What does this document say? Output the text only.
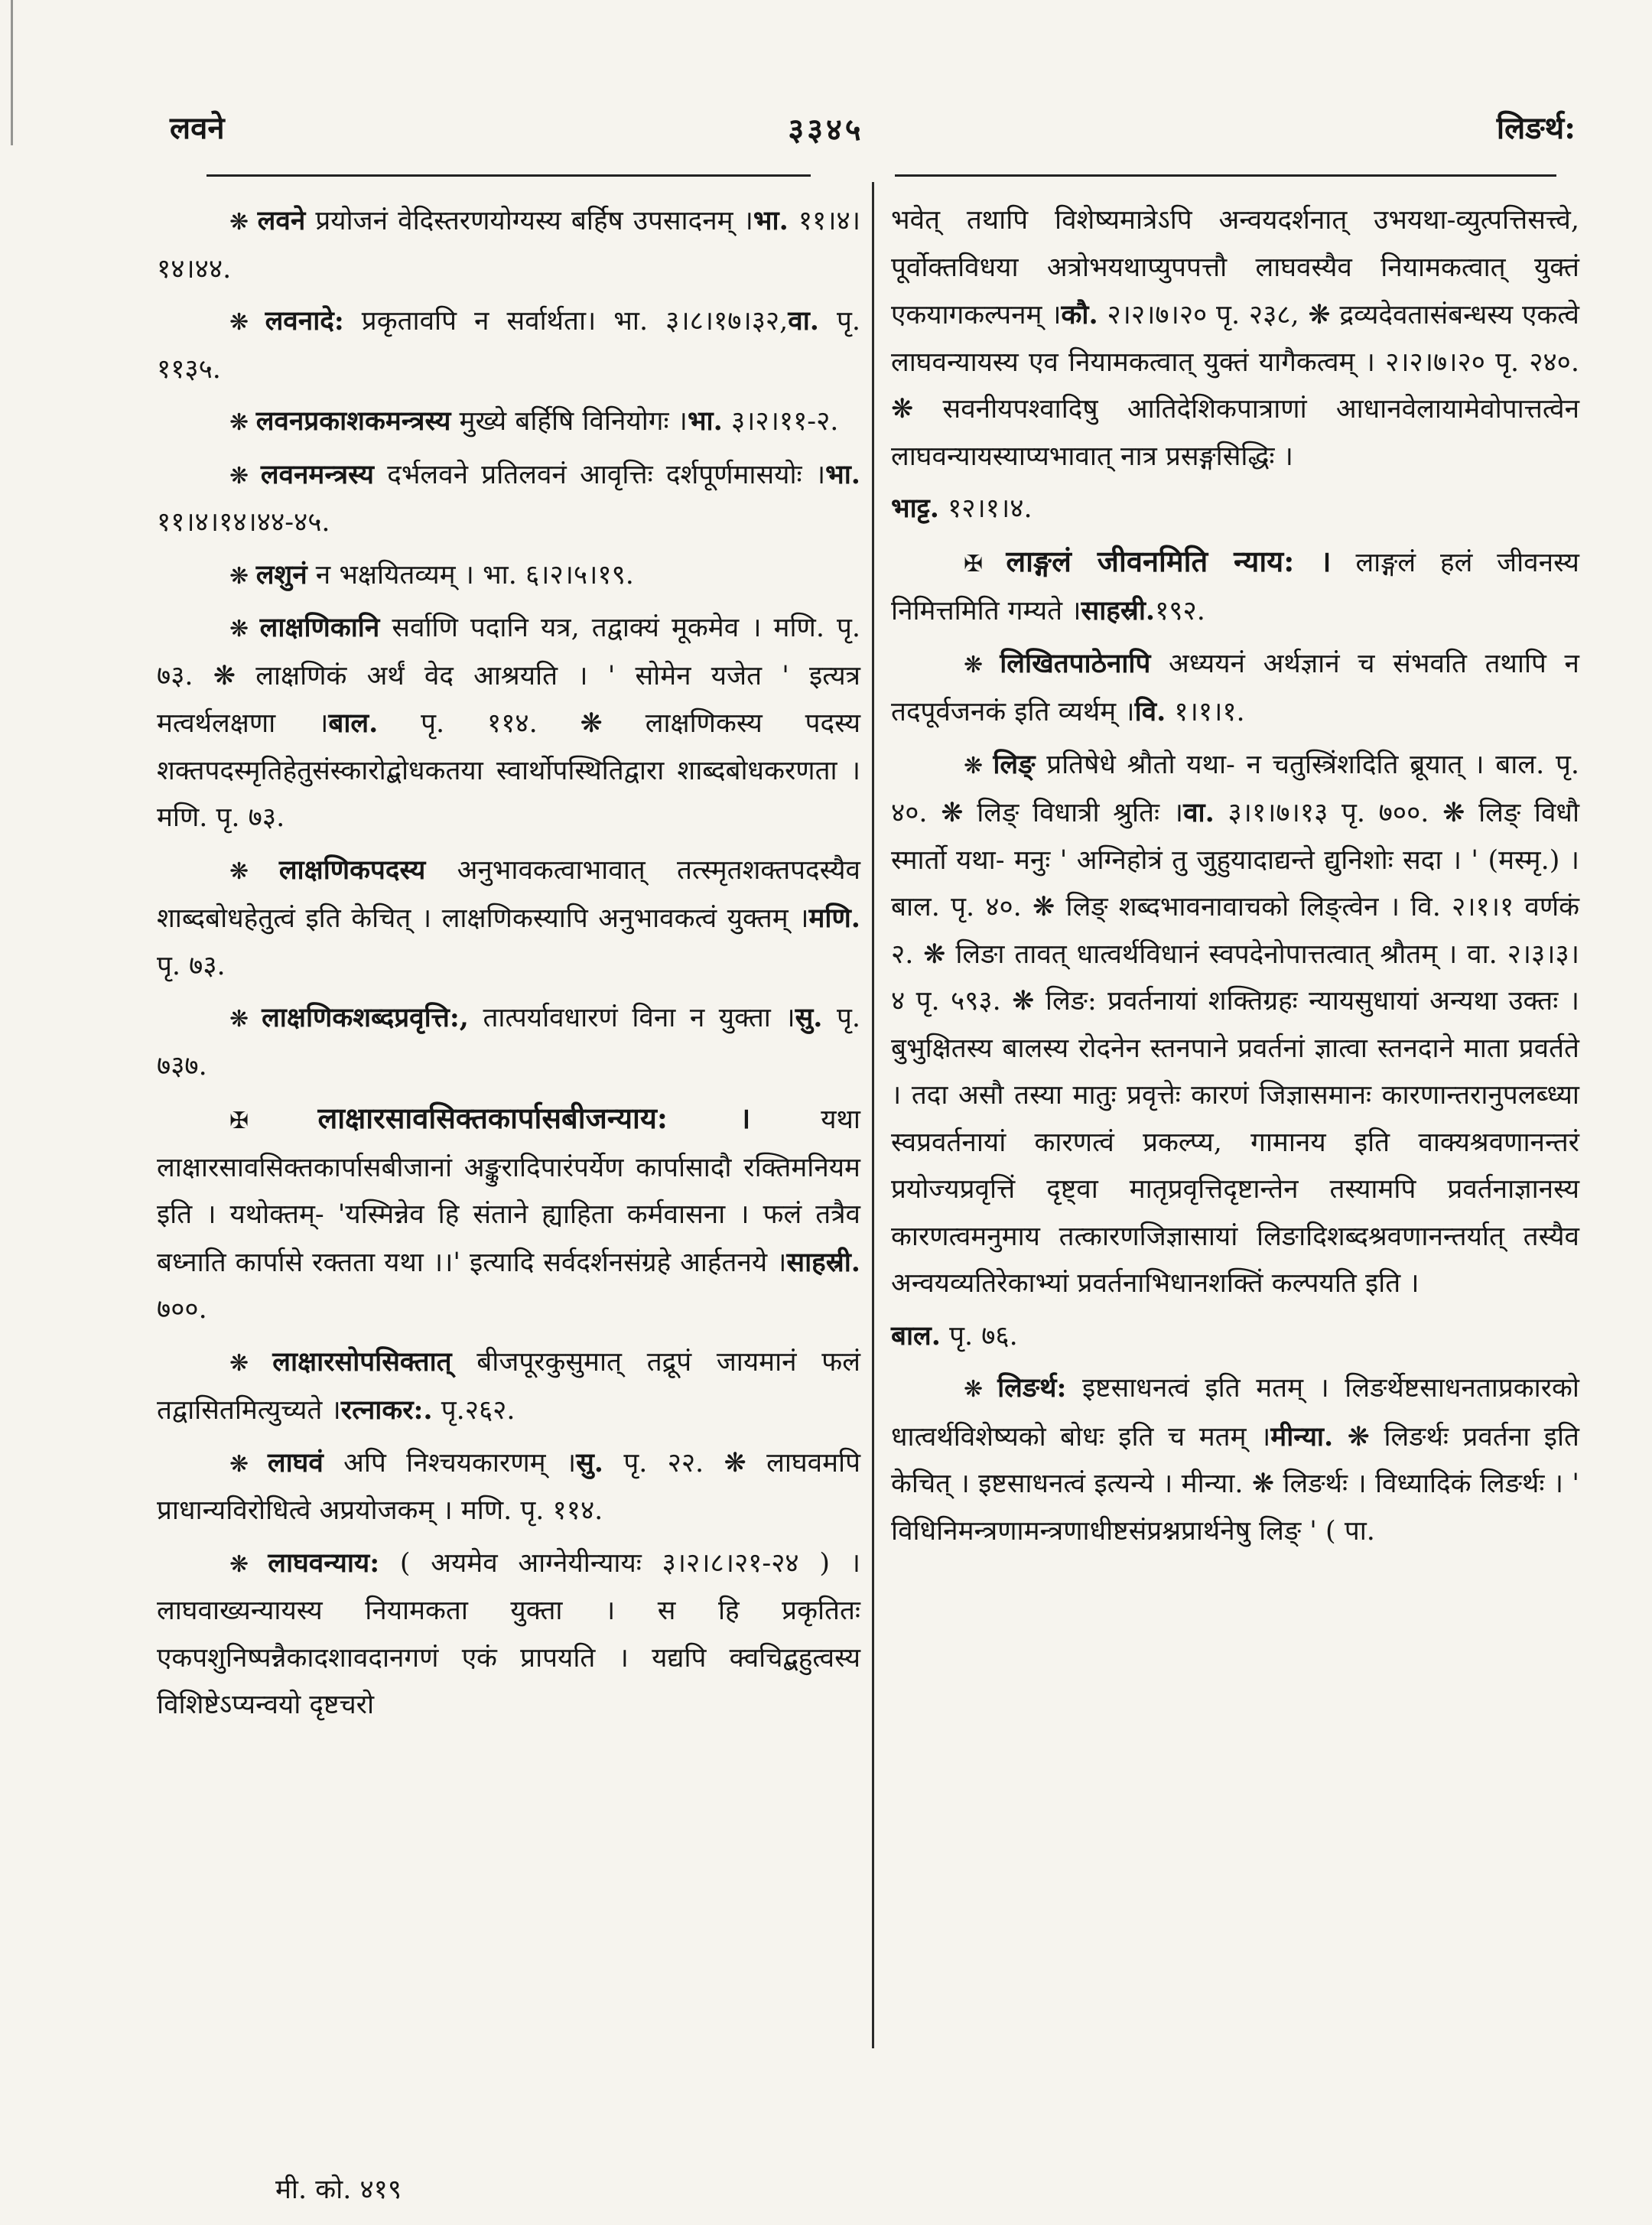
लवने	३३४५	लिङर्थ:

❋ लवने प्रयोजनं वेदिस्तरणयोग्यस्य बर्हिष उपसादनम् ।भा. ११।४।१४।४४.

❋ लवनादे: प्रकृतावपि न सर्वार्थता। भा. ३।८।१७।३२,वा. पृ. ११३५.

❋ लवनप्रकाशकमन्त्रस्य मुख्ये बर्हिषि विनियोगः ।भा. ३।२।११-२.

❋ लवनमन्त्रस्य दर्भलवने प्रतिलवनं आवृत्तिः दर्शपूर्णमासयोः ।भा. ११।४।१४।४४-४५.

❋ लशुनं न भक्षयितव्यम् । भा. ६।२।५।१९.

❋ लाक्षणिकानि सर्वाणि पदानि यत्र, तद्वाक्यं मूकमेव । मणि. पृ. ७३. ❋ लाक्षणिकं अर्थं वेद आश्रयति । ' सोमेन यजेत ' इत्यत्र मत्वर्थलक्षणा ।बाल. पृ. ११४. ❋ लाक्षणिकस्य पदस्य शक्तपदस्मृतिहेतुसंस्कारोद्बोधकतया स्वार्थोपस्थितिद्वारा शाब्दबोधकरणता । मणि. पृ. ७३.

❋ लाक्षणिकपदस्य अनुभावकत्वाभावात् तत्स्मृतशक्तपदस्यैव शाब्दबोधहेतुत्वं इति केचित् । लाक्षणिकस्यापि अनुभावकत्वं युक्तम् ।मणि. पृ. ७३.

❋ लाक्षणिकशब्दप्रवृत्ति:, तात्पर्यावधारणं विना न युक्ता ।सु. पृ. ७३७.

✠ लाक्षारसावसिक्तकार्पासबीजन्याय: । यथा लाक्षारसावसिक्तकार्पासबीजानां अङ्कुरादिपारंपर्येण कार्पासादौ रक्तिमनियम इति । यथोक्तम्- 'यस्मिन्नेव हि संताने ह्याहिता कर्मवासना । फलं तत्रैव बध्नाति कार्पासे रक्तता यथा ।।' इत्यादि सर्वदर्शनसंग्रहे आर्हतनये ।साहस्री. ७००.

❋ लाक्षारसोपसिक्तात् बीजपूरकुसुमात् तद्रूपं जायमानं फलं तद्वासितमित्युच्यते ।रत्नाकर:. पृ.२६२.

❋ लाघवं अपि निश्चयकारणम् ।सु. पृ. २२. ❋ लाघवमपि प्राधान्यविरोधित्वे अप्रयोजकम् । मणि. पृ. ११४.

❋ लाघवन्याय: ( अयमेव आग्नेयीन्यायः ३।२।८।२१-२४ ) । लाघवाख्यन्यायस्य नियामकता युक्ता । स हि प्रकृतितः एकपशुनिष्पन्नैकादशावदानगणं एकं प्रापयति । यद्यपि क्वचिद्बहुत्वस्य विशिष्टेऽप्यन्वयो दृष्टचरो

भवेत् तथापि विशेष्यमात्रेऽपि अन्वयदर्शनात् उभयथा-व्युत्पत्तिसत्त्वे, पूर्वोक्तविधया अत्रोभयथाप्युपपत्तौ लाघवस्यैव नियामकत्वात् युक्तं एकयागकल्पनम् ।कौ. २।२।७।२० पृ. २३८, ❋ द्रव्यदेवतासंबन्धस्य एकत्वे लाघवन्यायस्य एव नियामकत्वात् युक्तं यागैकत्वम् । २।२।७।२० पृ. २४०. ❋ सवनीयपश्वादिषु आतिदेशिकपात्राणां आधानवेलायामेवोपात्तत्वेन लाघवन्यायस्याप्यभावात् नात्र प्रसङ्गसिद्धिः ।

भाट्ट. १२।१।४.

✠ लाङ्गलं जीवनमिति न्याय: । लाङ्गलं हलं जीवनस्य निमित्तमिति गम्यते ।साहस्री.१९२.

❋ लिखितपाठेनापि अध्ययनं अर्थज्ञानं च संभवति तथापि न तदपूर्वजनकं इति व्यर्थम् ।वि. १।१।१.

❋ लिङ् प्रतिषेधे श्रौतो यथा- न चतुस्त्रिंशदिति ब्रूयात् । बाल. पृ. ४०. ❋ लिङ् विधात्री श्रुतिः ।वा. ३।१।७।१३ पृ. ७००. ❋ लिङ् विधौ स्मार्तो यथा- मनुः ' अग्निहोत्रं तु जुहुयादाद्यन्ते द्युनिशोः सदा । ' (मस्मृ.) । बाल. पृ. ४०. ❋ लिङ् शब्दभावनावाचको लिङ्त्वेन । वि. २।१।१ वर्णकं २. ❋ लिङा तावत् धात्वर्थविधानं स्वपदेनोपात्तत्वात् श्रौतम् । वा. २।३।३।४ पृ. ५९३. ❋ लिङ: प्रवर्तनायां शक्तिग्रहः न्यायसुधायां अन्यथा उक्तः । बुभुक्षितस्य बालस्य रोदनेन स्तनपाने प्रवर्तनां ज्ञात्वा स्तनदाने माता प्रवर्तते । तदा असौ तस्या मातुः प्रवृत्तेः कारणं जिज्ञासमानः कारणान्तरानुपलब्ध्या स्वप्रवर्तनायां कारणत्वं प्रकल्प्य, गामानय इति वाक्यश्रवणानन्तरं प्रयोज्यप्रवृत्तिं दृष्ट्वा मातृप्रवृत्तिदृष्टान्तेन तस्यामपि प्रवर्तनाज्ञानस्य कारणत्वमनुमाय तत्कारणजिज्ञासायां लिङादिशब्दश्रवणानन्तर्यात् तस्यैव अन्वयव्यतिरेकाभ्यां प्रवर्तनाभिधानशक्तिं कल्पयति इति ।

बाल. पृ. ७६.

❋ लिङर्थ: इष्टसाधनत्वं इति मतम् । लिङर्थेष्टसाधनताप्रकारको धात्वर्थविशेष्यको बोधः इति च मतम् ।मीन्या. ❋ लिङर्थः प्रवर्तना इति केचित् । इष्टसाधनत्वं इत्यन्ये । मीन्या. ❋ लिङर्थः । विध्यादिकं लिङर्थः । ' विधिनिमन्त्रणामन्त्रणाधीष्टसंप्रश्नप्रार्थनेषु लिङ् ' ( पा.

मी. को. ४१९
